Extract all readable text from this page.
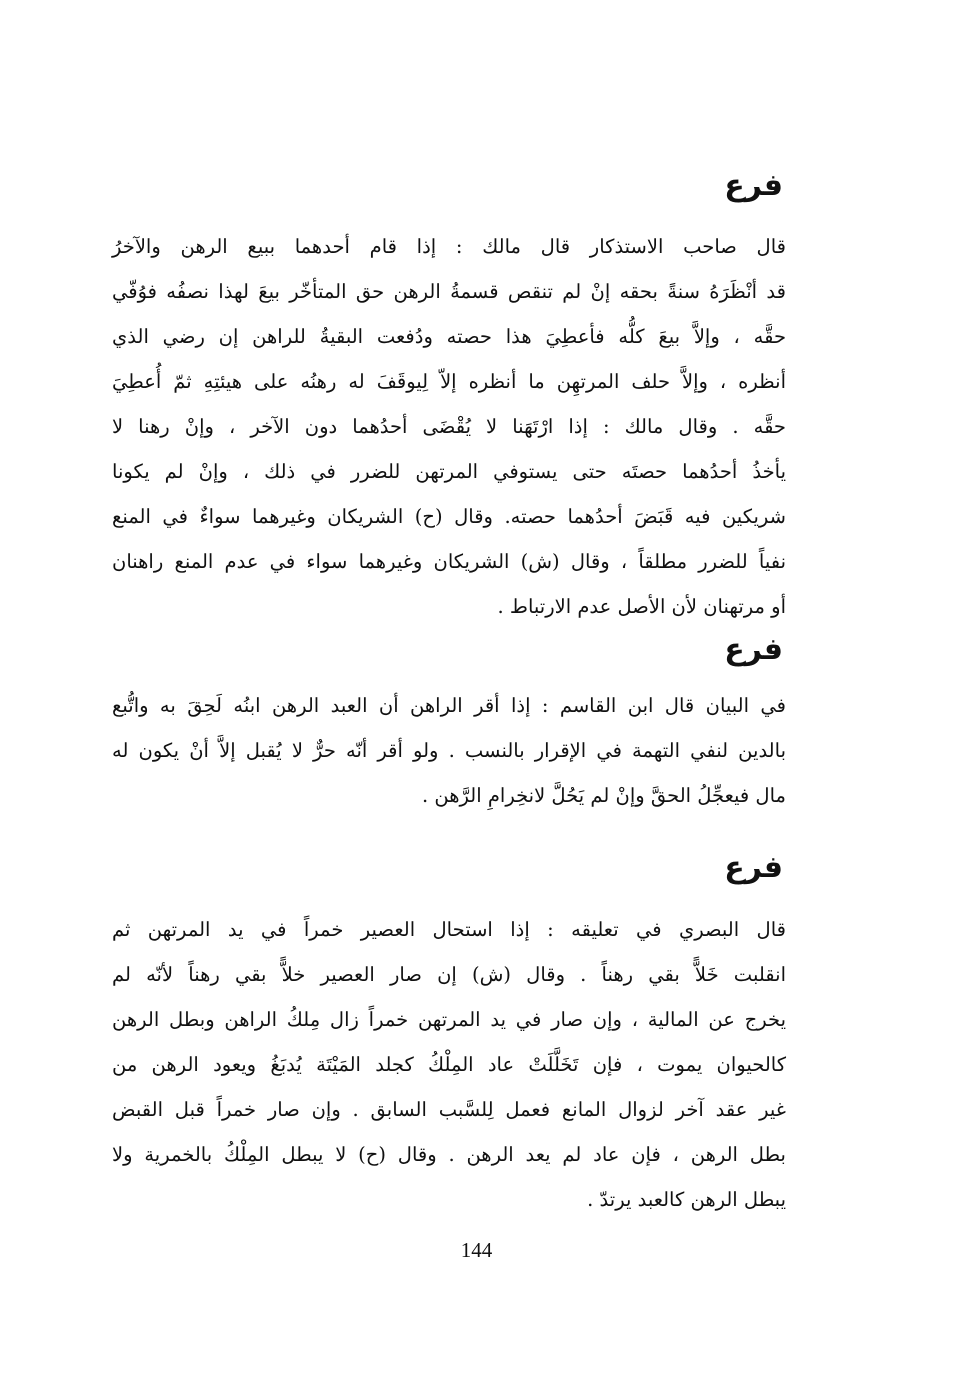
فرع
قال صاحب الاستذكار قال مالك : إذا قام أحدهما ببيع الرهن والآخرُ
قد أنْظَرَهُ سنةً بحقه إنْ لم تنقص قسمةُ الرهن حق المتأخّر بيعَ لهذا نصفُه فوُفّي
حقَّه ، وإلاَّ بيعَ كلُّه فأعطِيَ هذا حصته ودُفعت البقيةُ للراهن إن رضي الذي
أنظره ، وإلاَّ حلف المرتهِن ما أنظره إلاّ لِيوقَفَ له رهنُه على هيئتِهِ ثمّ أُعطِيَ
حقَّه . وقال مالك : إذا ارْتَهَنا لا يُقْضَى أحدُهما دون الآخر ، وإنْ رهنا لا
يأخذُ أحدُهما حصتَه حتى يستوفي المرتهن للضرر في ذلك ، وإنْ لم يكونا
شريكين فيه قَبَضَ أحدُهما حصته. وقال (ح) الشريكان وغيرهما سواءٌ في المنع
نفياً للضرر مطلقاً ، وقال (ش) الشريكان وغيرهما سواء في عدم المنع راهنان
أو مرتهنان لأن الأصل عدم الارتباط .
فرع
في البيان قال ابن القاسم : إذا أقر الراهن أن العبد الرهن ابنُه لَحِقَ به واتُّبع
بالدين لنفي التهمة في الإقرار بالنسب . ولو أقر أنّه حرٌّ لا يُقبل إلاَّ أنْ يكون له
مال فيعجِّلُ الحقَّ وإنْ لم يَحُلَّ لانخِرامِ الرَّهن .
فرع
قال البصري في تعليقه : إذا استحال العصير خمراً في يد المرتهن ثم
انقلبت خَلاًّ بقي رهناً . وقال (ش) إن صار العصير خلاًّ بقي رهناً لأنّه لم
يخرج عن المالية ، وإن صار في يد المرتهن خمراً زال مِلكُ الراهن وبطل الرهن
كالحيوان يموت ، فإن تَخَلَّلَتْ عاد المِلْكُ كجلد المَيْتَة يُدبَغُ ويعود الرهن من
غير عقد آخر لزوال المانع فعمل لِلسَّبب السابق . وإن صار خمراً قبل القبض
بطل الرهن ، فإن عاد لم يعد الرهن . وقال (ح) لا يبطل المِلْكُ بالخمرية ولا
يبطل الرهن كالعبد يرتدّ .
144
